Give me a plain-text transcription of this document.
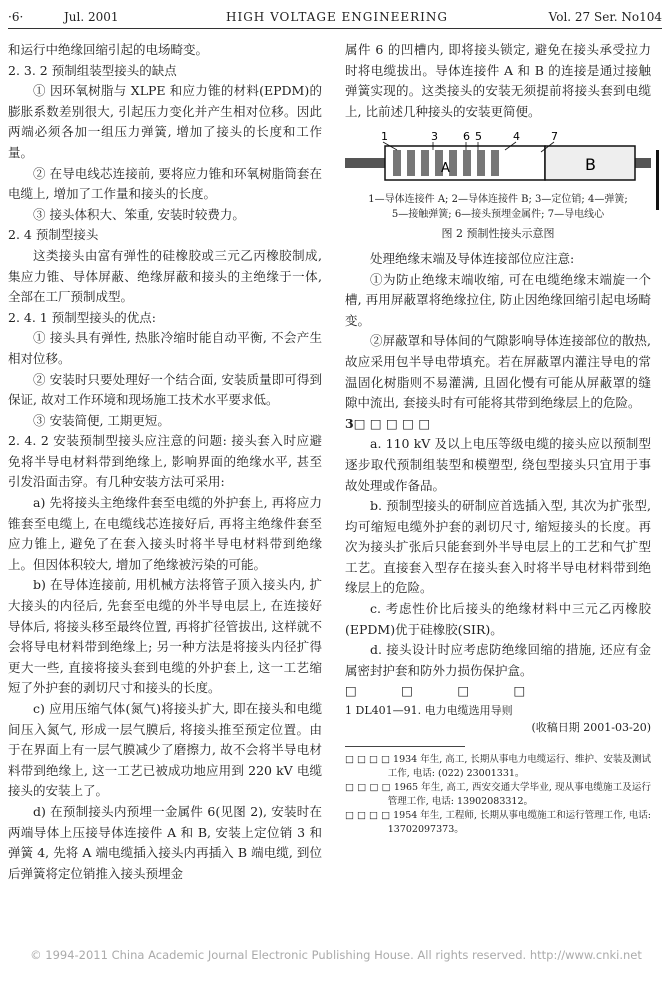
·6·	Jul. 2001	HIGH VOLTAGE ENGINEERING	Vol. 27 Ser. No104

和运行中绝缘回缩引起的电场畸变。

2. 3. 2 预制组装型接头的缺点

① 因环氧树脂与 XLPE 和应力锥的材料(EPDM)的膨胀系数差别很大, 引起压力变化并产生相对位移。因此两端必须各加一组压力弹簧, 增加了接头的长度和工作量。

② 在导电线芯连接前, 要将应力锥和环氧树脂筒套在电缆上, 增加了工作量和接头的长度。

③ 接头体积大、笨重, 安装时较费力。

2. 4 预制型接头

这类接头由富有弹性的硅橡胶或三元乙丙橡胶制成, 集应力锥、导体屏蔽、绝缘屏蔽和接头的主绝缘于一体, 全部在工厂预制成型。

2. 4. 1 预制型接头的优点:

① 接头具有弹性, 热胀冷缩时能自动平衡, 不会产生相对位移。

② 安装时只要处理好一个结合面, 安装质量即可得到保证, 故对工作环境和现场施工技术水平要求低。

③ 安装简便, 工期更短。

2. 4. 2 安装预制型接头应注意的问题: 接头套入时应避免将半导电材料带到绝缘上, 影响界面的绝缘水平, 甚至引发沿面击穿。有几种安装方法可采用:

a) 先将接头主绝缘件套至电缆的外护套上, 再将应力锥套至电缆上, 在电缆线芯连接好后, 再将主绝缘件套至应力锥上, 避免了在套入接头时将半导电材料带到绝缘上。但因体积较大, 增加了绝缘被污染的可能。

b) 在导体连接前, 用机械方法将管子顶入接头内, 扩大接头的内径后, 先套至电缆的外半导电层上, 在连接好导体后, 将接头移至最终位置, 再将扩径管拔出, 这样就不会将导电材料带到绝缘上; 另一种方法是将接头内径扩得更大一些, 直接将接头套到电缆的外护套上, 这一工艺缩短了外护套的剥切尺寸和接头的长度。

c) 应用压缩气体(氮气)将接头扩大, 即在接头和电缆间压入氮气, 形成一层气膜后, 将接头推至预定位置。由于在界面上有一层气膜减少了磨擦力, 故不会将半导电材料带到绝缘上, 这一工艺已被成功地应用到 220 kV 电缆接头的安装上了。

d) 在预制接头内预埋一金属件 6(见图 2), 安装时在两端导体上压接导体连接件 A 和 B, 安装上定位销 3 和弹簧 4, 先将 A 端电缆插入接头内再插入 B 端电缆, 到位后弹簧将定位销推入接头预埋金

属件 6 的凹槽内, 即将接头锁定, 避免在接头承受拉力时将电缆拔出。导体连接件 A 和 B 的连接是通过接触弹簧实现的。这类接头的安装无须提前将接头套到电缆上, 比前述几种接头的安装更简便。

B
A
1	3 6 5	4	7
1—导体连接件 A; 2—导体连接件 B; 3—定位销; 4—弹簧;
5—接触弹簧; 6—接头预埋金属件; 7—导电线心
图 2 预制性接头示意图

处理绝缘末端及导体连接部位应注意:

①为防止绝缘末端收缩, 可在电缆绝缘末端旋一个槽, 再用屏蔽罩将绝缘拉住, 防止因绝缘回缩引起电场畸变。

②屏蔽罩和导体间的气隙影响导体连接部位的散热, 故应采用包半导电带填充。若在屏蔽罩内灌注导电的常温固化树脂则不易灌满, 且固化慢有可能从屏蔽罩的缝隙中流出, 套接头时有可能将其带到绝缘层上的危险。

3□ □ □ □ □

a. 110 kV 及以上电压等级电缆的接头应以预制型逐步取代预制组装型和模塑型, 绕包型接头只宜用于事故处理或作备品。

b. 预制型接头的研制应首选插入型, 其次为扩张型, 均可缩短电缆外护套的剥切尺寸, 缩短接头的长度。再次为接头扩张后只能套到外半导电层上的工艺和气扩型工艺。直接套入型存在接头套入时将半导电材料带到绝缘层上的危险。

c. 考虑性价比后接头的绝缘材料中三元乙丙橡胶(EPDM)优于硅橡胶(SIR)。

d. 接头设计时应考虑防绝缘回缩的措施, 还应有金属密封护套和防外力损伤保护盒。

□ □ □ □

1 DL401—91. 电力电缆选用导则

(收稿日期 2001-03-20)

□ □ □ □ 1934 年生, 高工, 长期从事电力电缆运行、维护、安装及测试工作, 电话: (022) 23001331。

□ □ □ □ 1965 年生, 高工, 西安交通大学毕业, 现从事电缆施工及运行管理工作, 电话: 13902083312。

□ □ □ □ 1954 年生, 工程师, 长期从事电缆施工和运行管理工作, 电话: 13702097373。

© 1994-2011 China Academic Journal Electronic Publishing House. All rights reserved. http://www.cnki.net
